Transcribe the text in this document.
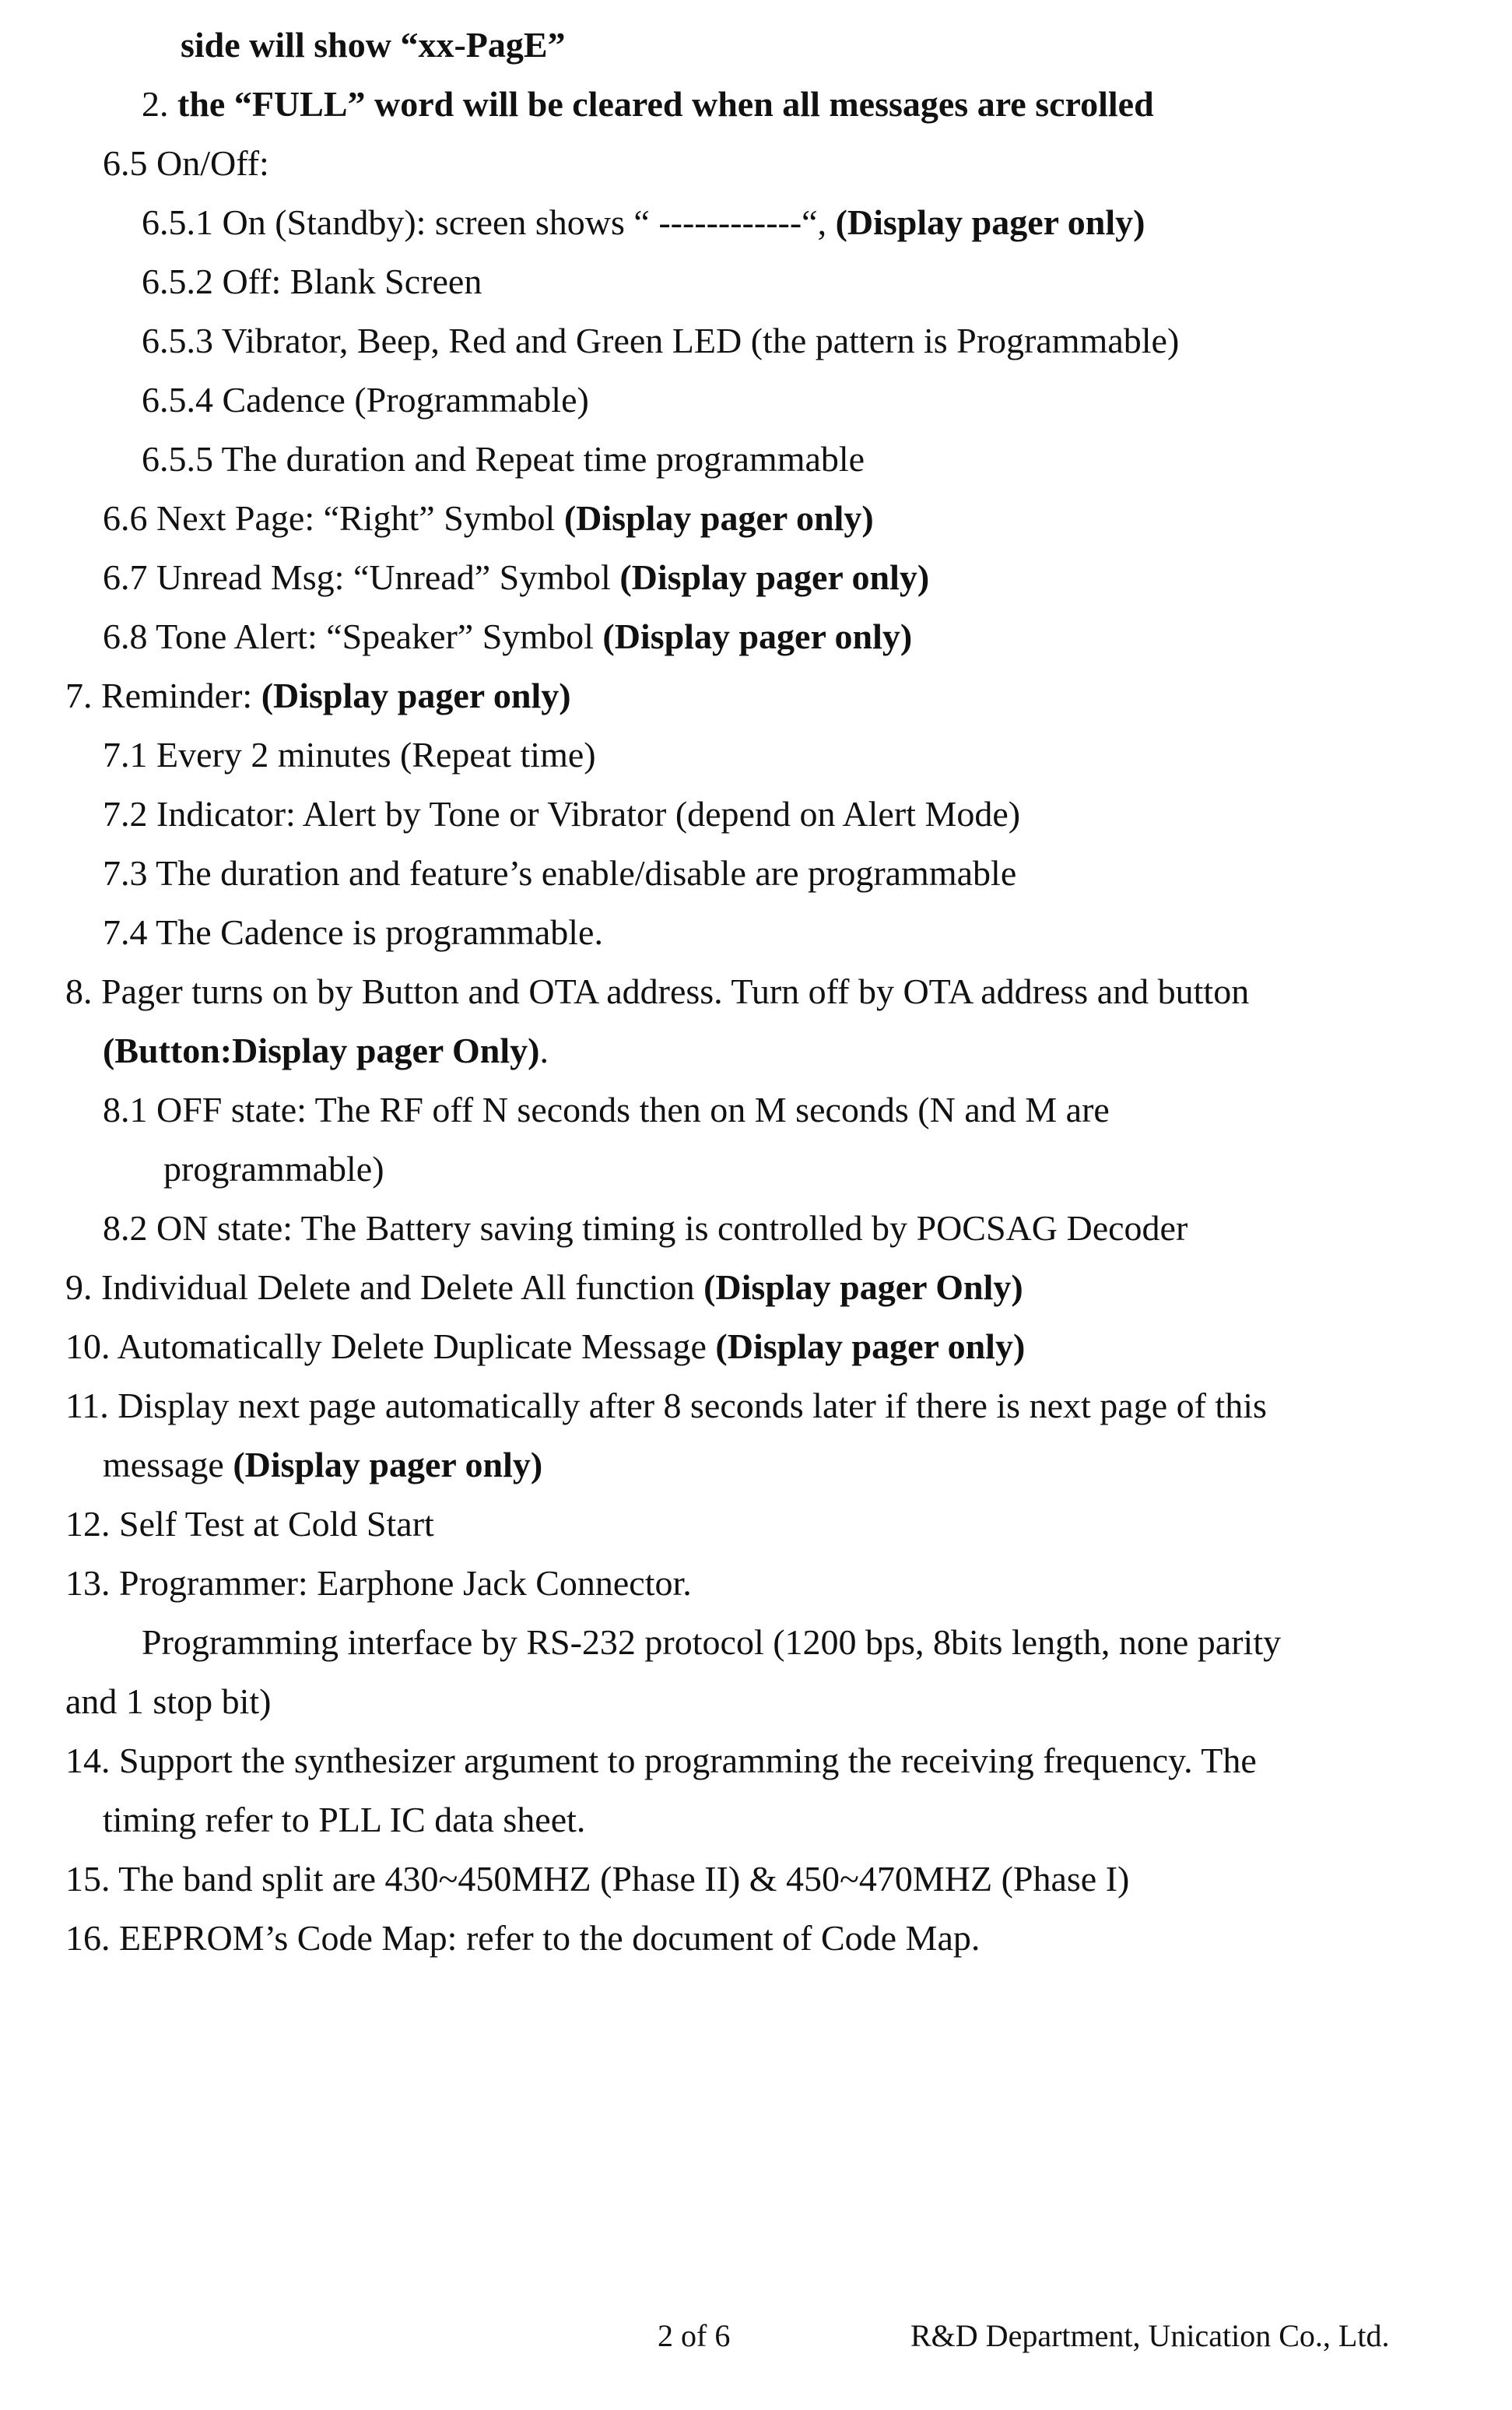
side will show “xx-PagE”
2. the “FULL” word will be cleared when all messages are scrolled
6.5 On/Off:
6.5.1 On (Standby): screen shows “ ------------“, (Display pager only)
6.5.2 Off: Blank Screen
6.5.3 Vibrator, Beep, Red and Green LED (the pattern is Programmable)
6.5.4 Cadence (Programmable)
6.5.5 The duration and Repeat time programmable
6.6 Next Page: “Right” Symbol (Display pager only)
6.7 Unread Msg: “Unread” Symbol (Display pager only)
6.8 Tone Alert: “Speaker” Symbol (Display pager only)
7. Reminder: (Display pager only)
7.1 Every 2 minutes (Repeat time)
7.2 Indicator: Alert by Tone or Vibrator (depend on Alert Mode)
7.3 The duration and feature’s enable/disable are programmable
7.4 The Cadence is programmable.
8. Pager turns on by Button and OTA address. Turn off by OTA address and button
(Button:Display pager Only).
8.1 OFF state: The RF off N seconds then on M seconds (N and M are
programmable)
8.2 ON state: The Battery saving timing is controlled by POCSAG Decoder
9. Individual Delete and Delete All function (Display pager Only)
10. Automatically Delete Duplicate Message (Display pager only)
11. Display next page automatically after 8 seconds later if there is next page of this
message (Display pager only)
12. Self Test at Cold Start
13. Programmer: Earphone Jack Connector.
Programming interface by RS-232 protocol (1200 bps, 8bits length, none parity
and 1 stop bit)
14. Support the synthesizer argument to programming the receiving frequency. The
timing refer to PLL IC data sheet.
15. The band split are 430~450MHZ (Phase II) & 450~470MHZ (Phase I)
16. EEPROM’s Code Map: refer to the document of Code Map.
2 of 6	R&D Department, Unication Co., Ltd.
